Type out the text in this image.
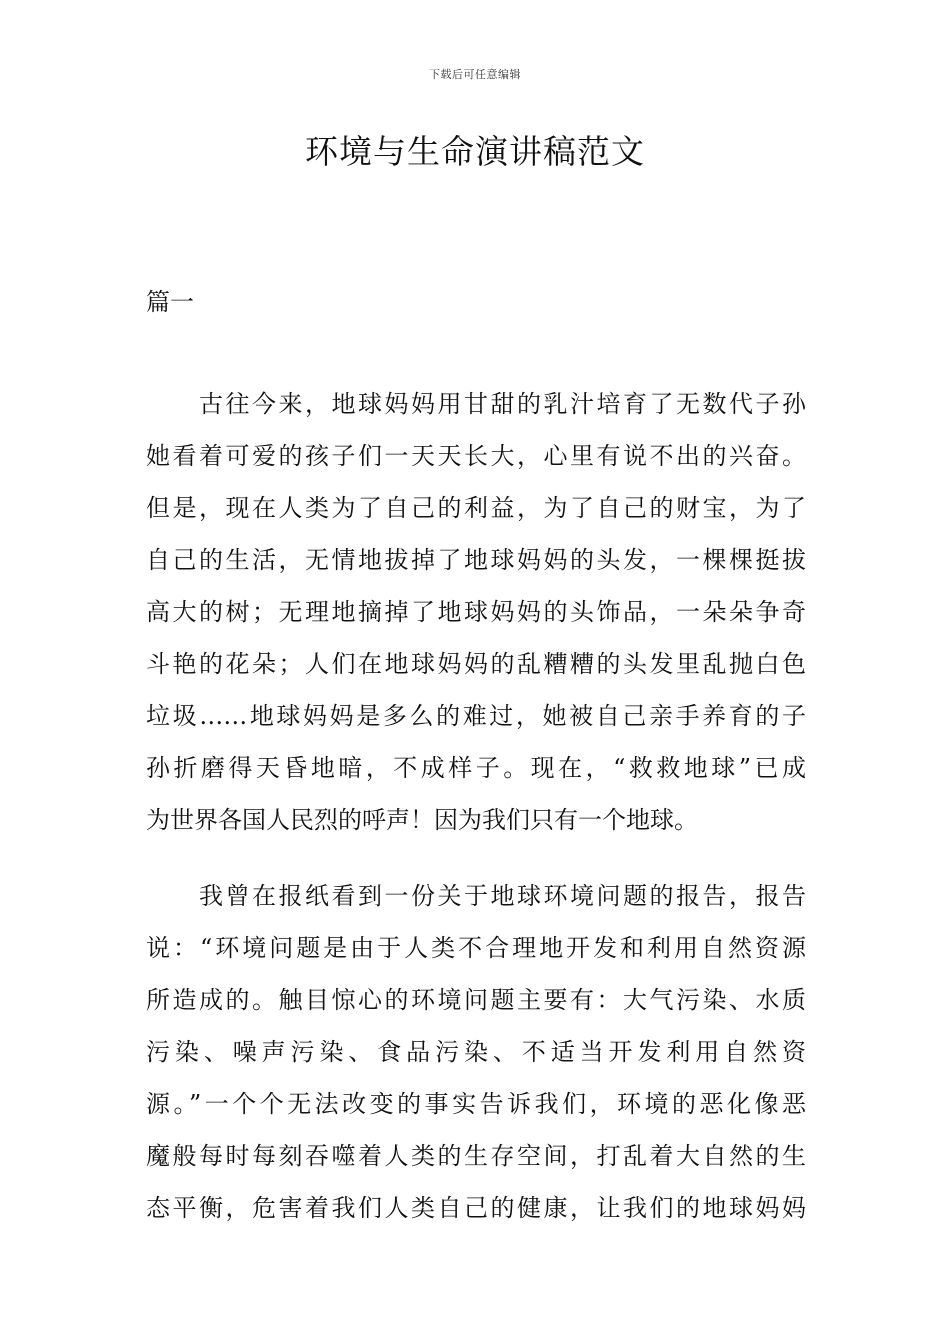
下载后可任意编辑
环境与生命演讲稿范文
篇一
　　古往今来，地球妈妈用甘甜的乳汁培育了无数代子孙
她看着可爱的孩子们一天天长大，心里有说不出的兴奋。
但是，现在人类为了自己的利益，为了自己的财宝，为了
自己的生活，无情地拔掉了地球妈妈的头发，一棵棵挺拔
高大的树；无理地摘掉了地球妈妈的头饰品，一朵朵争奇
斗艳的花朵；人们在地球妈妈的乱糟糟的头发里乱抛白色
垃圾……地球妈妈是多么的难过，她被自己亲手养育的子
孙折磨得天昏地暗，不成样子。现在，“救救地球”已成
为世界各国人民烈的呼声！因为我们只有一个地球。
　　我曾在报纸看到一份关于地球环境问题的报告，报告
说：“环境问题是由于人类不合理地开发和利用自然资源
所造成的。触目惊心的环境问题主要有：大气污染、水质
污染、噪声污染、食品污染、不适当开发利用自然资
源。”一个个无法改变的事实告诉我们，环境的恶化像恶
魔般每时每刻吞噬着人类的生存空间，打乱着大自然的生
态平衡，危害着我们人类自己的健康，让我们的地球妈妈
